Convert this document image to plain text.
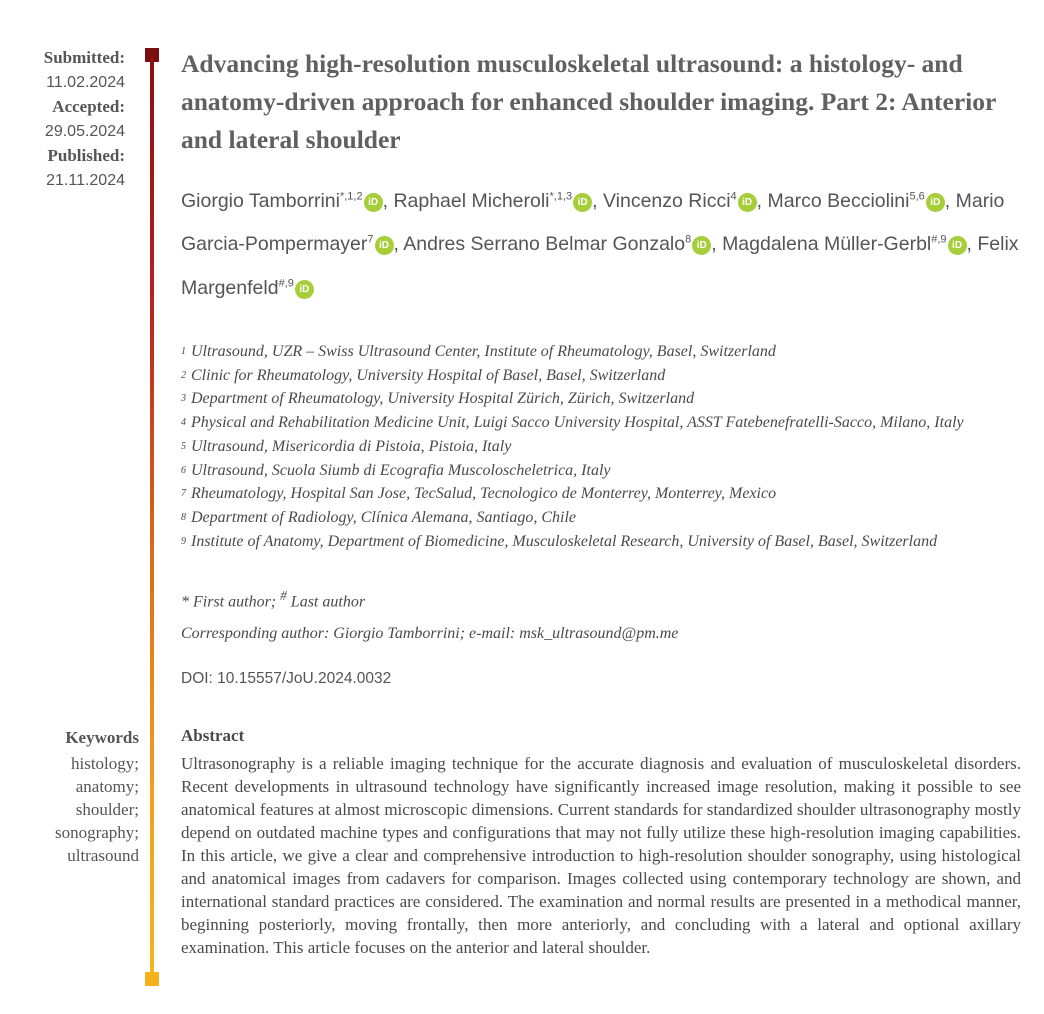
Submitted:
11.02.2024
Accepted:
29.05.2024
Published:
21.11.2024
Advancing high-resolution musculoskeletal ultrasound: a histology- and anatomy-driven approach for enhanced shoulder imaging. Part 2: Anterior and lateral shoulder
Giorgio Tamborrini$^{*,1,2}$ iD , Raphael Micheroli$^{*,1,3}$ iD , Vincenzo Ricci$^4$ iD , Marco Becciolini$^{5,6}$ iD , Mario Garcia-Pompermayer$^7$ iD , Andres Serrano Belmar Gonzalo$^8$ iD , Magdalena Müller-Gerbl$^{\#,9}$ iD , Felix Margenfeld$^{\#,9}$ iD
1 Ultrasound, UZR – Swiss Ultrasound Center, Institute of Rheumatology, Basel, Switzerland
2 Clinic for Rheumatology, University Hospital of Basel, Basel, Switzerland
3 Department of Rheumatology, University Hospital Zürich, Zürich, Switzerland
4 Physical and Rehabilitation Medicine Unit, Luigi Sacco University Hospital, ASST Fatebenefratelli-Sacco, Milano, Italy
5 Ultrasound, Misericordia di Pistoia, Pistoia, Italy
6 Ultrasound, Scuola Siumb di Ecografia Muscoloscheletrica, Italy
7 Rheumatology, Hospital San Jose, TecSalud, Tecnologico de Monterrey, Monterrey, Mexico
8 Department of Radiology, Clínica Alemana, Santiago, Chile
9 Institute of Anatomy, Department of Biomedicine, Musculoskeletal Research, University of Basel, Basel, Switzerland
* First author; # Last author
Corresponding author: Giorgio Tamborrini; e-mail: msk_ultrasound@pm.me
DOI: 10.15557/JoU.2024.0032
Keywords
histology;
anatomy;
shoulder;
sonography;
ultrasound
Abstract

Ultrasonography is a reliable imaging technique for the accurate diagnosis and evaluation of musculoskeletal disorders. Recent developments in ultrasound technology have significantly increased image resolution, making it possible to see anatomical features at almost microscopic dimensions. Current standards for standardized shoulder ultrasonography mostly depend on outdated machine types and configurations that may not fully utilize these high-resolution imaging capabilities. In this article, we give a clear and comprehensive introduction to high-resolution shoulder sonography, using histological and anatomical images from cadavers for comparison. Images collected using contemporary technology are shown, and international standard practices are considered. The examination and normal results are presented in a methodical manner, beginning posteriorly, moving frontally, then more anteriorly, and concluding with a lateral and optional axillary examination. This article focuses on the anterior and lateral shoulder.
